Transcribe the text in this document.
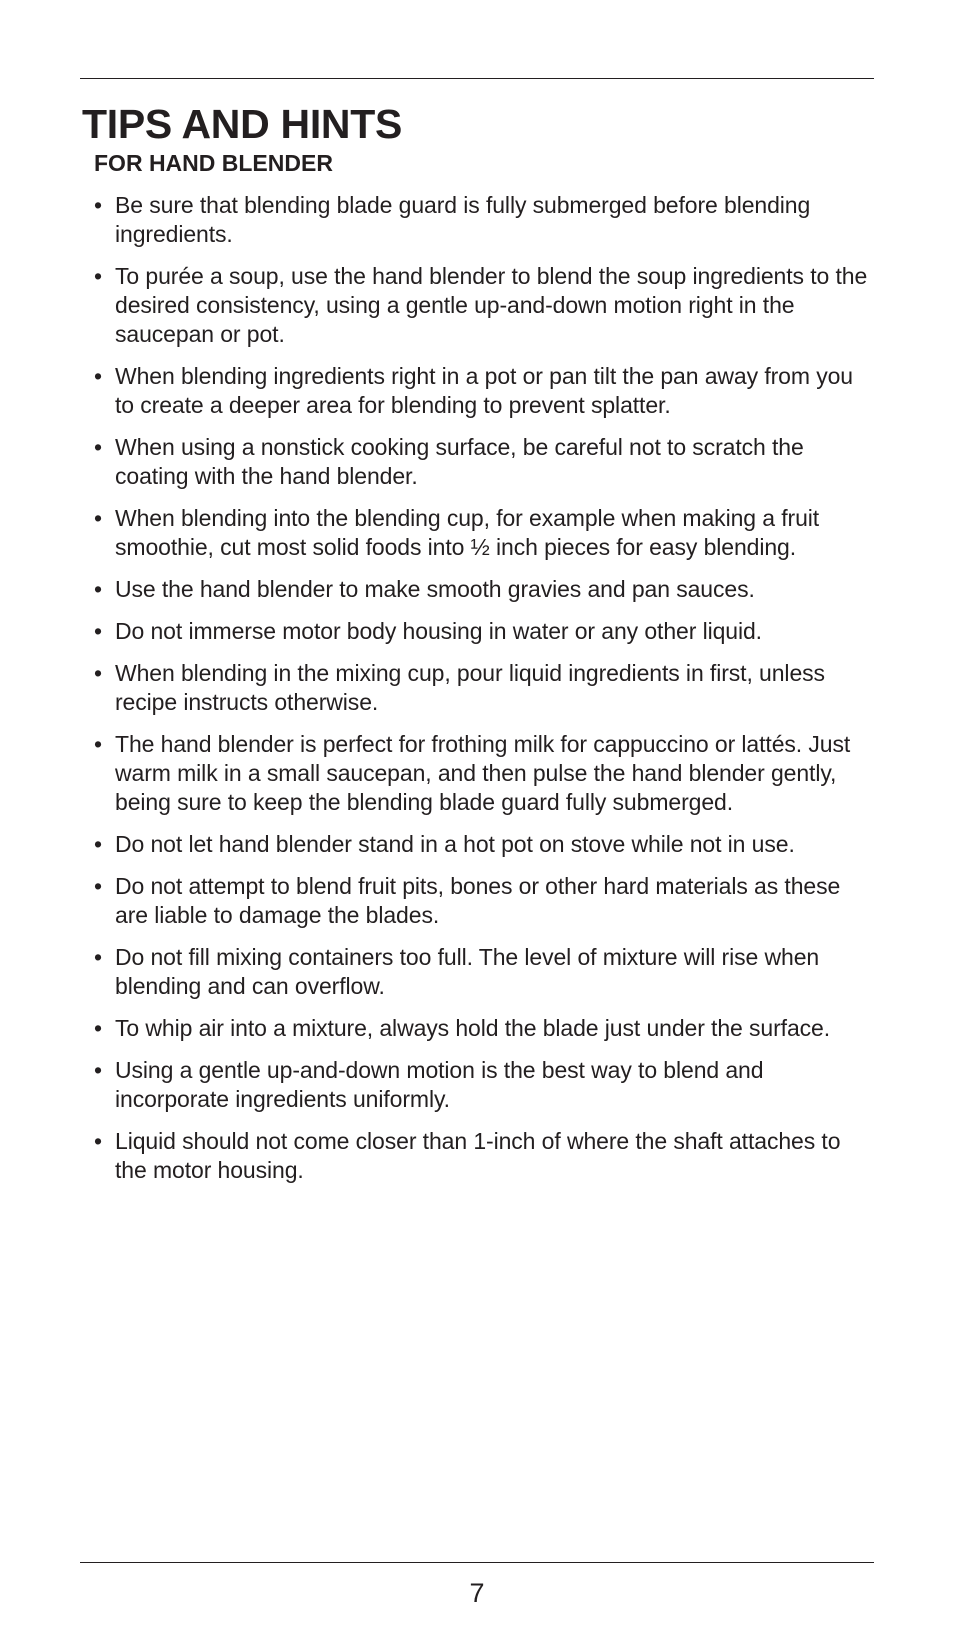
TIPS AND HINTS
FOR HAND BLENDER
• Be sure that blending blade guard is fully submerged before blending ingredients.
• To purée a soup, use the hand blender to blend the soup ingredients to the desired consistency, using a gentle up-and-down motion right in the saucepan or pot.
• When blending ingredients right in a pot or pan tilt the pan away from you to create a deeper area for blending to prevent splatter.
• When using a nonstick cooking surface, be careful not to scratch the coating with the hand blender.
• When blending into the blending cup, for example when making a fruit smoothie, cut most solid foods into ½ inch pieces for easy blending.
• Use the hand blender to make smooth gravies and pan sauces.
• Do not immerse motor body housing in water or any other liquid.
• When blending in the mixing cup, pour liquid ingredients in first, unless recipe instructs otherwise.
• The hand blender is perfect for frothing milk for cappuccino or lattés. Just warm milk in a small saucepan, and then pulse the hand blender gently, being sure to keep the blending blade guard fully submerged.
• Do not let hand blender stand in a hot pot on stove while not in use.
• Do not attempt to blend fruit pits, bones or other hard materials as these are liable to damage the blades.
• Do not fill mixing containers too full. The level of mixture will rise when blending and can overflow.
• To whip air into a mixture, always hold the blade just under the surface.
• Using a gentle up-and-down motion is the best way to blend and incorporate ingredients uniformly.
• Liquid should not come closer than 1-inch of where the shaft attaches to the motor housing.
7
